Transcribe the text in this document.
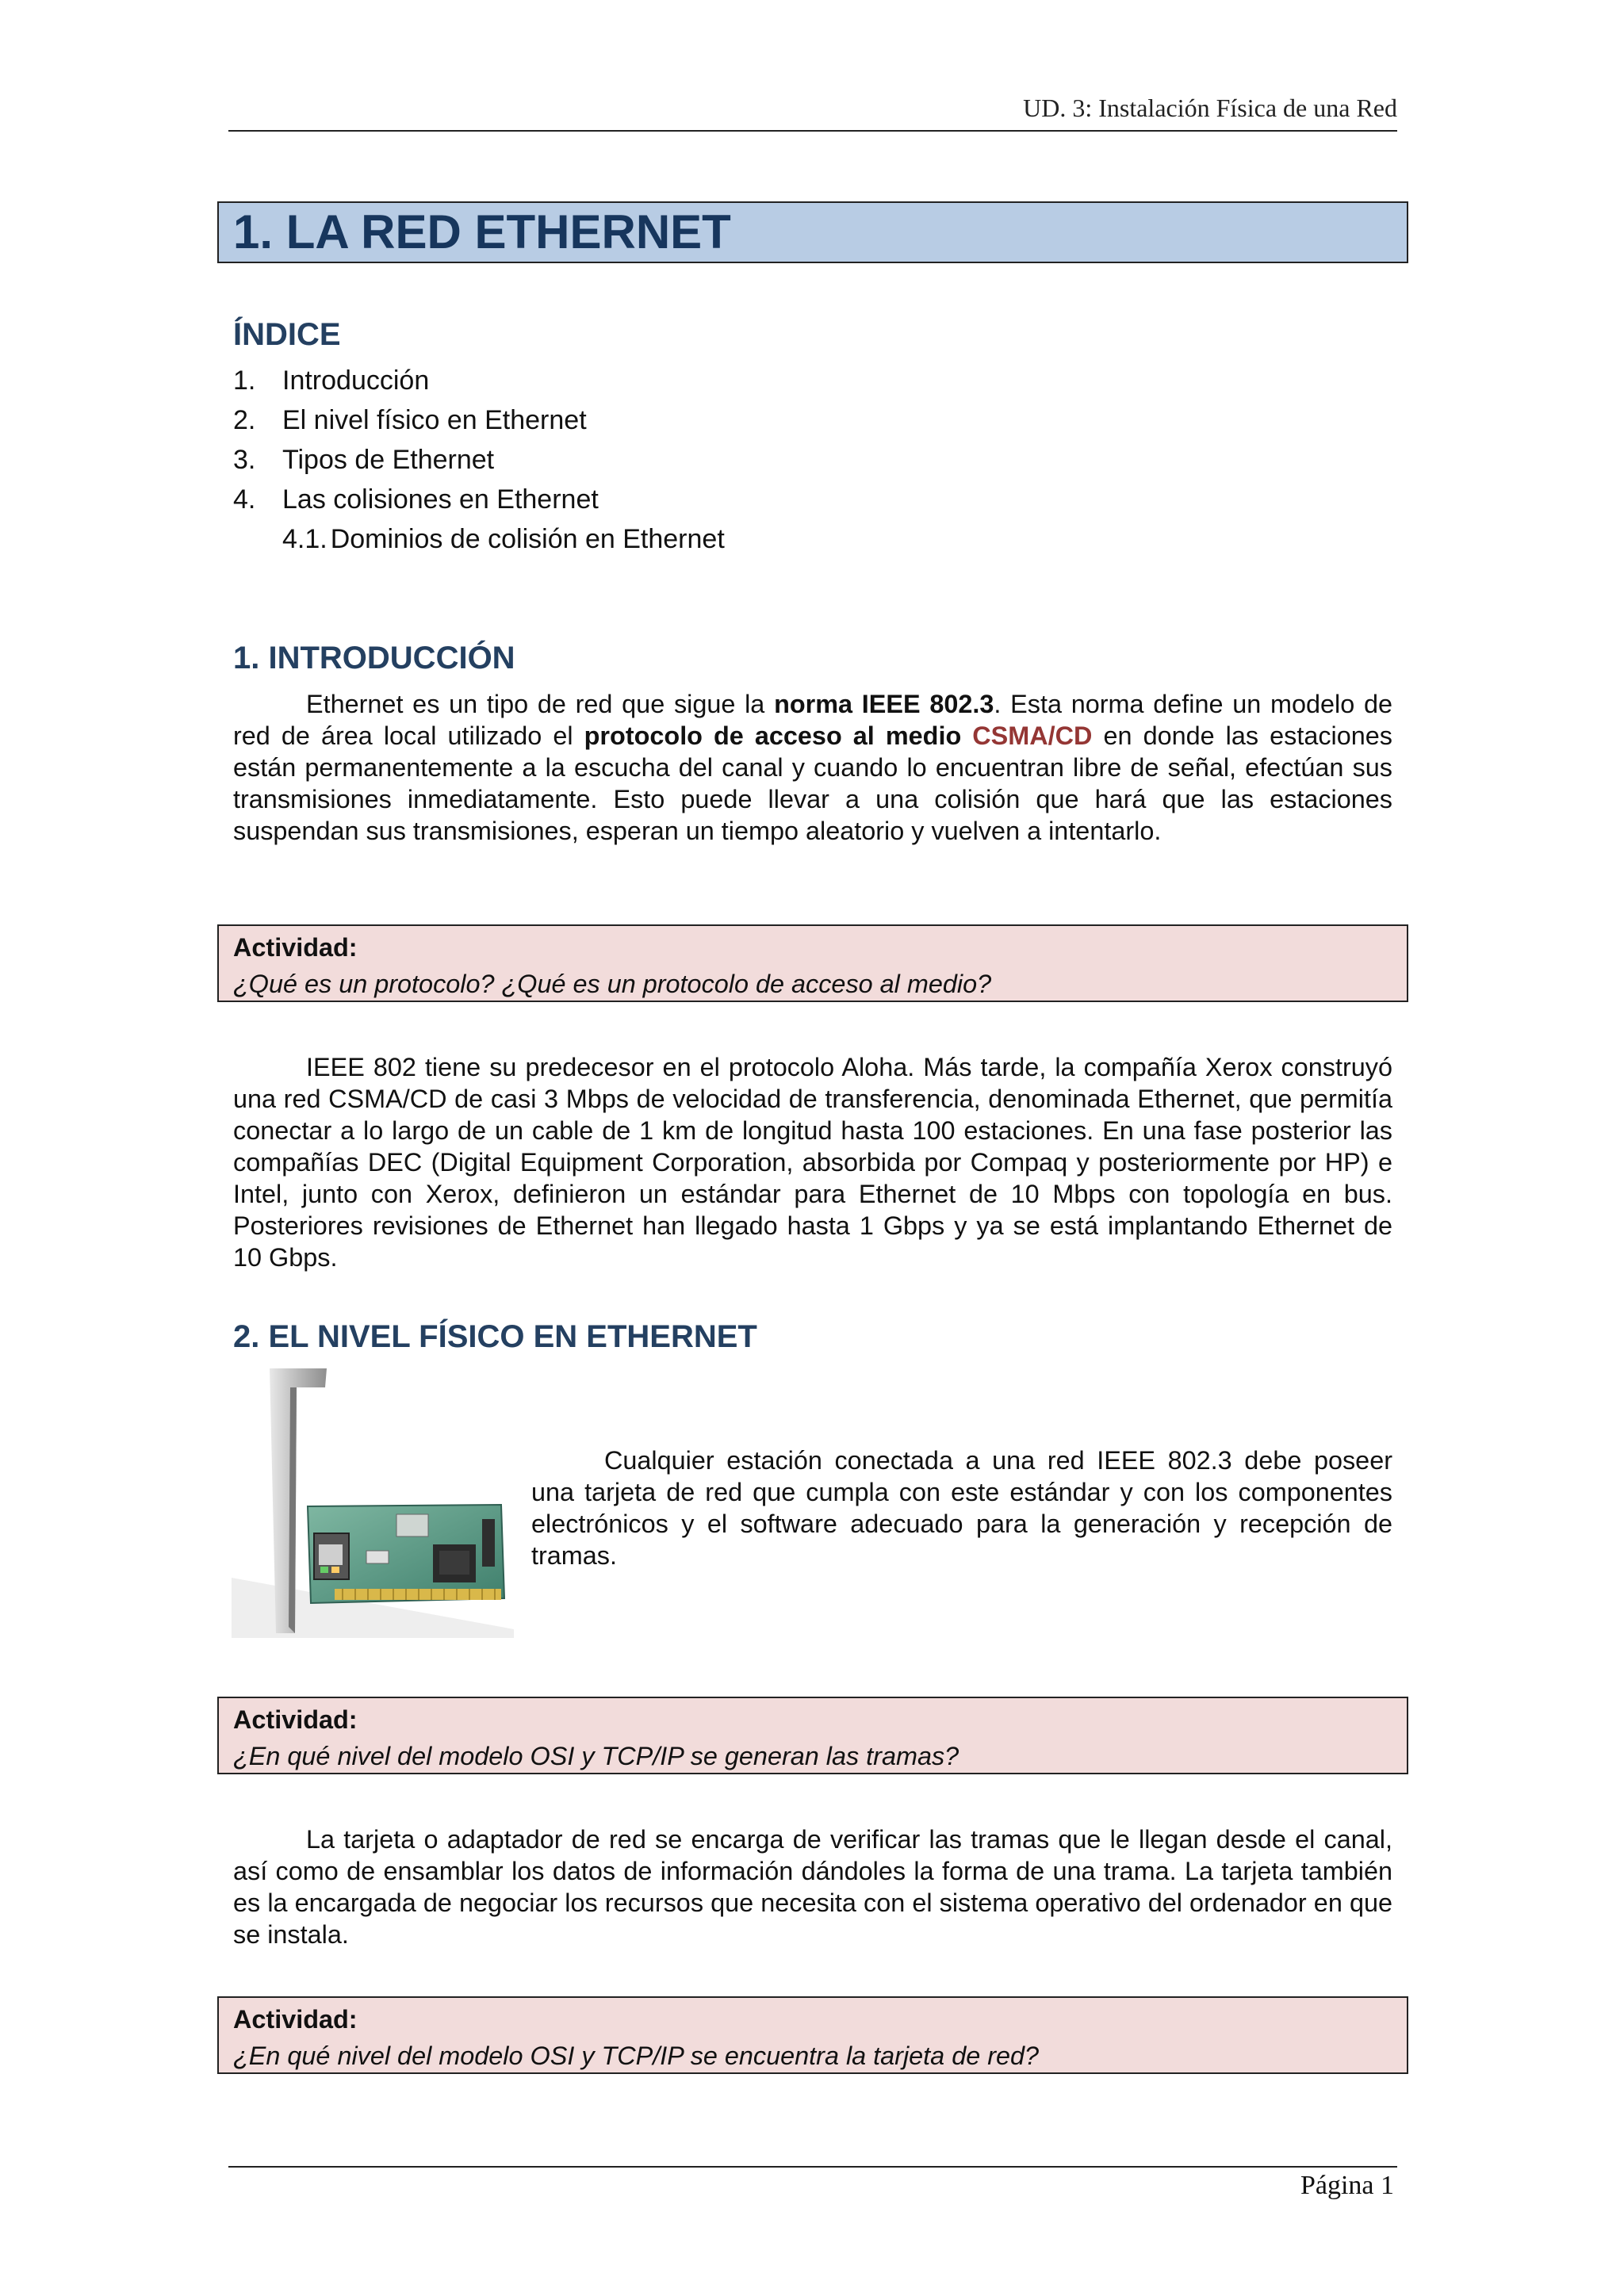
UD. 3: Instalación Física de una Red
1. LA RED ETHERNET
ÍNDICE
1. Introducción
2. El nivel físico en Ethernet
3. Tipos de Ethernet
4. Las colisiones en Ethernet
4.1. Dominios de colisión en Ethernet
1. INTRODUCCIÓN
Ethernet es un tipo de red que sigue la norma IEEE 802.3. Esta norma define un modelo de red de área local utilizado el protocolo de acceso al medio CSMA/CD en donde las estaciones están permanentemente a la escucha del canal y cuando lo encuentran libre de señal, efectúan sus transmisiones inmediatamente. Esto puede llevar a una colisión que hará que las estaciones suspendan sus transmisiones, esperan un tiempo aleatorio y vuelven a intentarlo.
Actividad:
¿Qué es un protocolo? ¿Qué es un protocolo de acceso al medio?
IEEE 802 tiene su predecesor en el protocolo Aloha. Más tarde, la compañía Xerox construyó una red CSMA/CD de casi 3 Mbps de velocidad de transferencia, denominada Ethernet, que permitía conectar a lo largo de un cable de 1 km de longitud hasta 100 estaciones. En una fase posterior las compañías DEC (Digital Equipment Corporation, absorbida por Compaq y posteriormente por HP) e Intel, junto con Xerox, definieron un estándar para Ethernet de 10 Mbps con topología en bus. Posteriores revisiones de Ethernet han llegado hasta 1 Gbps y ya se está implantando Ethernet de 10 Gbps.
2. EL NIVEL FÍSICO EN ETHERNET
Cualquier estación conectada a una red IEEE 802.3 debe poseer una tarjeta de red que cumpla con este estándar y con los componentes electrónicos y el software adecuado para la generación y recepción de tramas.
Actividad:
¿En qué nivel del modelo OSI y TCP/IP se generan las tramas?
La tarjeta o adaptador de red se encarga de verificar las tramas que le llegan desde el canal, así como de ensamblar los datos de información dándoles la forma de una trama. La tarjeta también es la encargada de negociar los recursos que necesita con el sistema operativo del ordenador en que se instala.
Actividad:
¿En qué nivel del modelo OSI y TCP/IP se encuentra la tarjeta de red?
Página 1
